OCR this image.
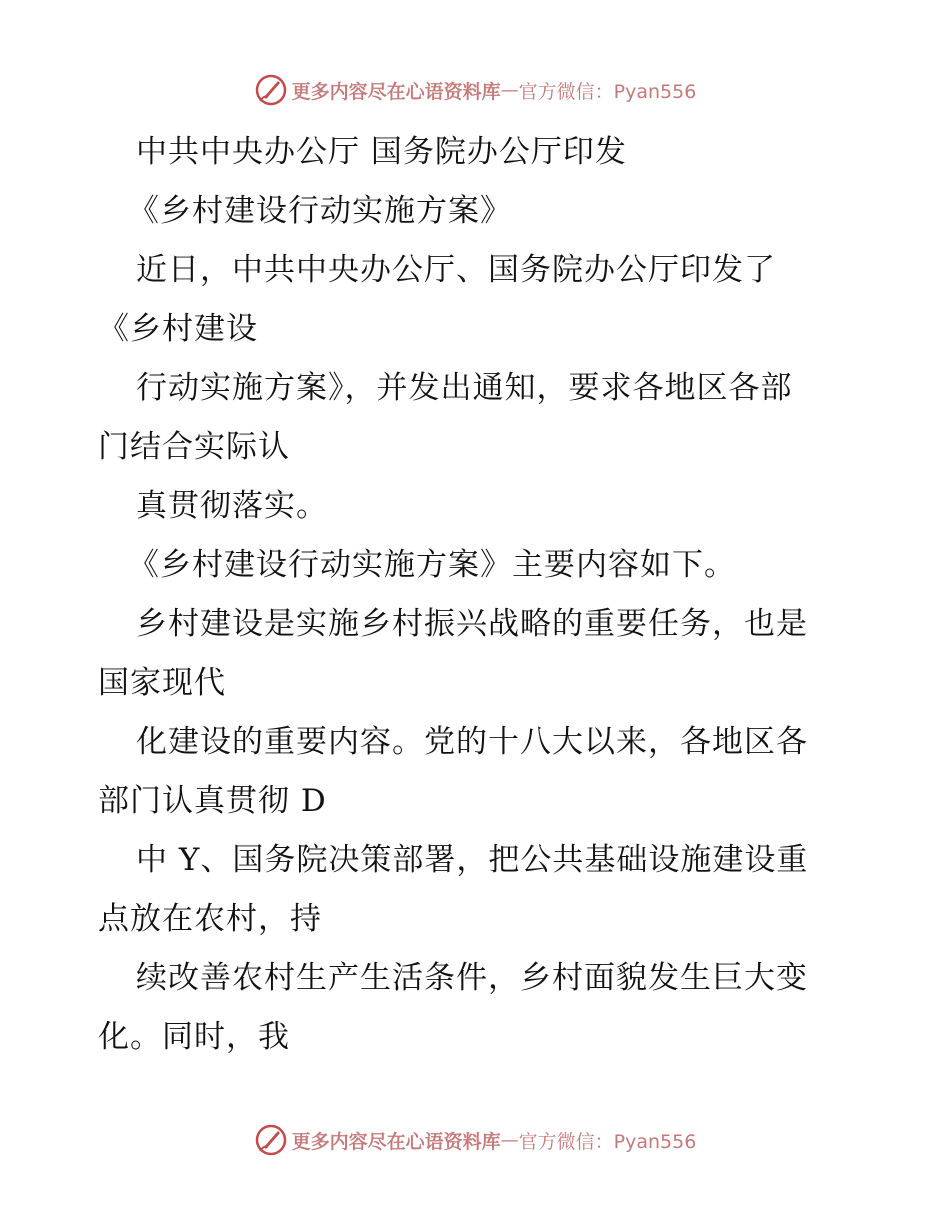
更多内容尽在心语资料库 — 官方微信：Pyan556
中共中央办公厅 国务院办公厅印发
《乡村建设行动实施方案》
近日，中共中央办公厅、国务院办公厅印发了
《乡村建设
行动实施方案》，并发出通知，要求各地区各部
门结合实际认
真贯彻落实。
《乡村建设行动实施方案》主要内容如下。
乡村建设是实施乡村振兴战略的重要任务，也是
国家现代
化建设的重要内容。党的十八大以来，各地区各
部门认真贯彻 D
中 Y、国务院决策部署，把公共基础设施建设重
点放在农村，持
续改善农村生产生活条件，乡村面貌发生巨大变
化。同时，我
更多内容尽在心语资料库 — 官方微信：Pyan556
